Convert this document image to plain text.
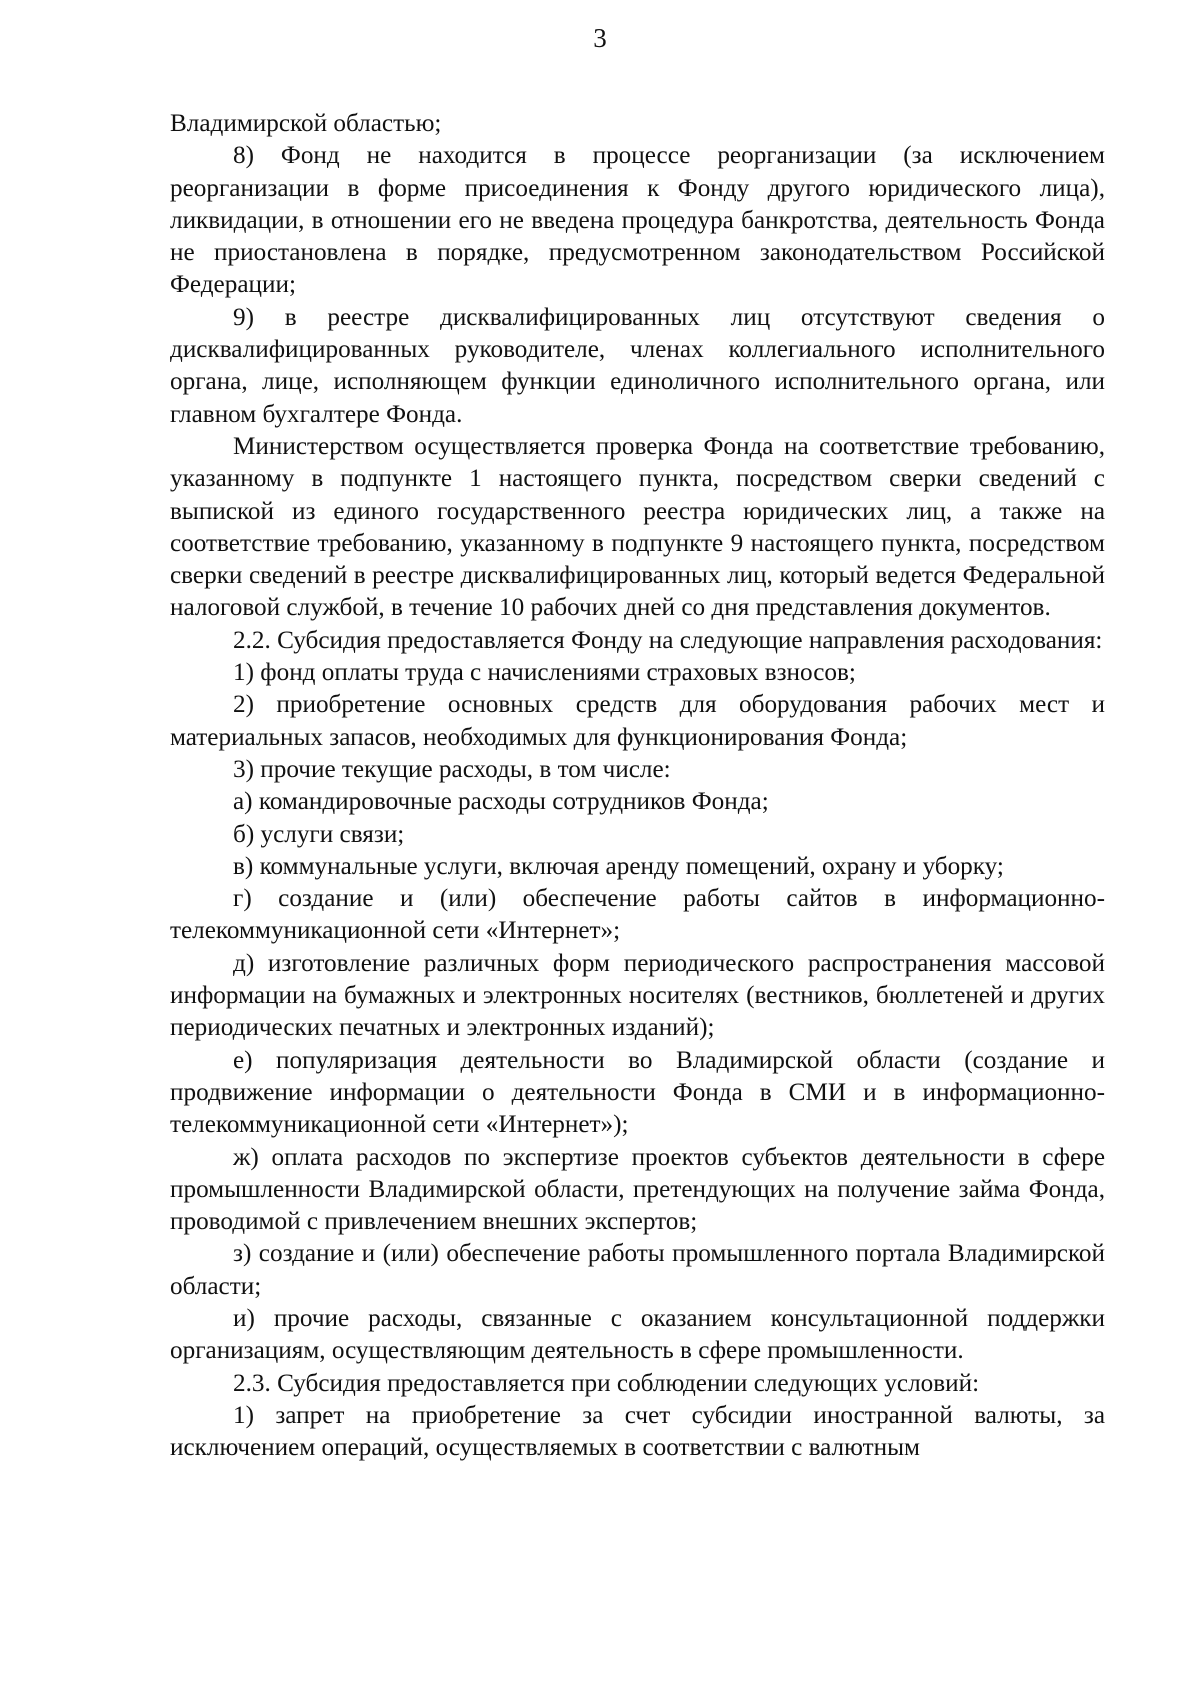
3

Владимирской областью;

8) Фонд не находится в процессе реорганизации (за исключением реорганизации в форме присоединения к Фонду другого юридического лица), ликвидации, в отношении его не введена процедура банкротства, деятельность Фонда не приостановлена в порядке, предусмотренном законодательством Российской Федерации;

9) в реестре дисквалифицированных лиц отсутствуют сведения о дисквалифицированных руководителе, членах коллегиального исполнительного органа, лице, исполняющем функции единоличного исполнительного органа, или главном бухгалтере Фонда.

Министерством осуществляется проверка Фонда на соответствие требованию, указанному в подпункте 1 настоящего пункта, посредством сверки сведений с выпиской из единого государственного реестра юридических лиц, а также на соответствие требованию, указанному в подпункте 9 настоящего пункта, посредством сверки сведений в реестре дисквалифицированных лиц, который ведется Федеральной налоговой службой, в течение 10 рабочих дней со дня представления документов.

2.2. Субсидия предоставляется Фонду на следующие направления расходования:

1) фонд оплаты труда с начислениями страховых взносов;

2) приобретение основных средств для оборудования рабочих мест и материальных запасов, необходимых для функционирования Фонда;

3) прочие текущие расходы, в том числе:

а) командировочные расходы сотрудников Фонда;

б) услуги связи;

в) коммунальные услуги, включая аренду помещений, охрану и уборку;

г) создание и (или) обеспечение работы сайтов в информационно-телекоммуникационной сети «Интернет»;

д) изготовление различных форм периодического распространения массовой информации на бумажных и электронных носителях (вестников, бюллетеней и других периодических печатных и электронных изданий);

е) популяризация деятельности во Владимирской области (создание и продвижение информации о деятельности Фонда в СМИ и в информационно-телекоммуникационной сети «Интернет»);

ж) оплата расходов по экспертизе проектов субъектов деятельности в сфере промышленности Владимирской области, претендующих на получение займа Фонда, проводимой с привлечением внешних экспертов;

з) создание и (или) обеспечение работы промышленного портала Владимирской области;

и) прочие расходы, связанные с оказанием консультационной поддержки организациям, осуществляющим деятельность в сфере промышленности.

2.3. Субсидия предоставляется при соблюдении следующих условий:

1) запрет на приобретение за счет субсидии иностранной валюты, за исключением операций, осуществляемых в соответствии с валютным
